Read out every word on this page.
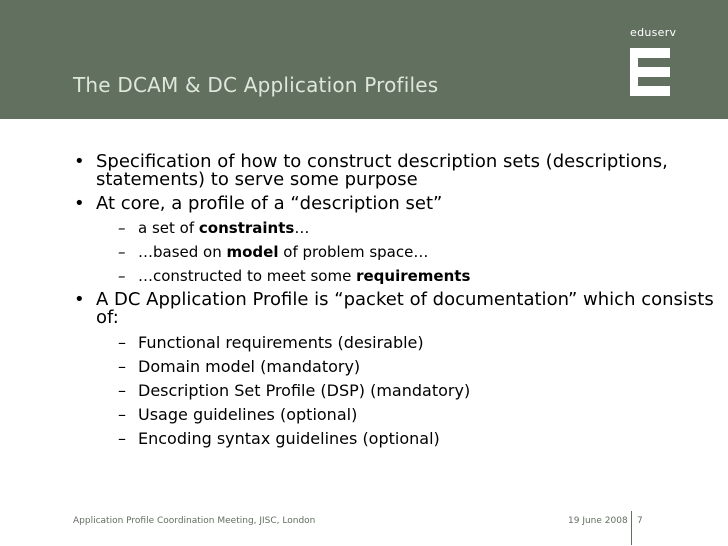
The DCAM & DC Application Profiles
eduserv
• Specification of how to construct description sets (descriptions, statements) to serve some purpose
• At core, a profile of a “description set”
– a set of constraints…
– …based on model of problem space…
– …constructed to meet some requirements
• A DC Application Profile is “packet of documentation” which consists of:
– Functional requirements (desirable)
– Domain model (mandatory)
– Description Set Profile (DSP) (mandatory)
– Usage guidelines (optional)
– Encoding syntax guidelines (optional)
Application Profile Coordination Meeting, JISC, London	19 June 2008 7
